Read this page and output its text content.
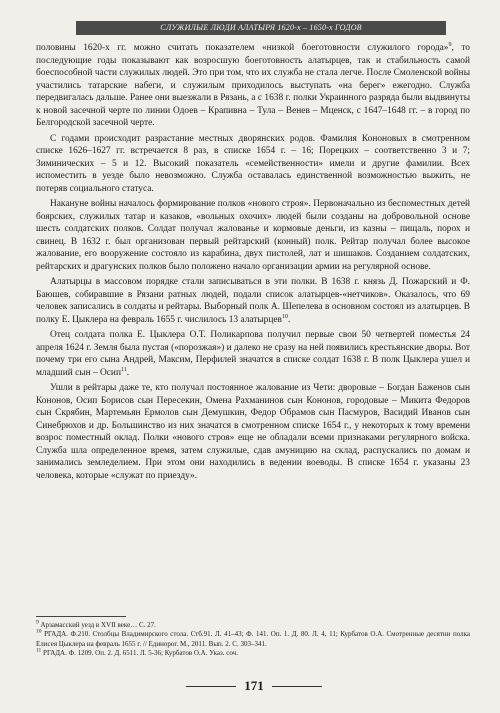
СЛУЖИЛЫЕ ЛЮДИ АЛАТЫРЯ 1620-х – 1650-х ГОДОВ

половины 1620-х гг. можно считать показателем «низкой боеготовности служилого города»$^9$, то последующие годы показывают как возросшую боеготовность алатырцев, так и стабильность самой боеспособной части служилых людей. Это при том, что их служба не стала легче. После Смоленской войны участились татарские набеги, и служилым приходилось выступать «на берег» ежегодно. Служба передвигалась дальше. Ранее они выезжали в Рязань, а с 1638 г. полки Украинного разряда были выдвинуты к новой засечной черте по линии Одоев – Крапивна – Тула – Венев – Мценск, с 1647–1648 гг. – в город по Белгородской засечной черте.

С годами происходит разрастание местных дворянских родов. Фамилия Кононовых в смотренном списке 1626–1627 гг. встречается 8 раз, в списке 1654 г. – 16; Порецких – соответственно 3 и 7; Зиминических – 5 и 12. Высокий показатель «семейственности» имели и другие фамилии. Всех испоместить в уезде было невозможно. Служба оставалась единственной возможностью выжить, не потеряв социального статуса.

Накануне войны началось формирование полков «нового строя». Первоначально из беспоместных детей боярских, служилых татар и казаков, «вольных охочих» людей были созданы на добровольной основе шесть солдатских полков. Солдат получал жалованье и кормовые деньги, из казны – пищаль, порох и свинец. В 1632 г. был организован первый рейтарский (конный) полк. Рейтар получал более высокое жалование, его вооружение состояло из карабина, двух пистолей, лат и шишаков. Созданием солдатских, рейтарских и драгунских полков было положено начало организации армии на регулярной основе.

Алатырцы в массовом порядке стали записываться в эти полки. В 1638 г. князь Д. Пожарский и Ф. Баюшев, собиравшие в Рязани ратных людей, подали список алатырцев-«нетчиков». Оказалось, что 69 человек записались в солдаты и рейтары. Выборный полк А. Шепелева в основном состоял из алатырцев. В полку Е. Цыклера на февраль 1655 г. числилось 13 алатырцев$^{10}$.

Отец солдата полка Е. Цыклера О.Т. Поликарпова получил первые свои 50 четвертей поместья 24 апреля 1624 г. Земля была пустая («порозжая») и далеко не сразу на ней появились крестьянские дворы. Вот почему три его сына Андрей, Максим, Перфилей значатся в списке солдат 1638 г. В полк Цыклера ушел и младший сын – Осип$^{11}$.

Ушли в рейтары даже те, кто получал постоянное жалование из Чети: дворовые – Богдан Баженов сын Кононов, Осип Борисов сын Пересекин, Омена Рахманинов сын Кононов, городовые – Микита Федоров сын Скрябин, Мартемьян Ермолов сын Демушкин, Федор Обрамов сын Пасмуров, Васидий Иванов сын Синебрюхов и др. Большинство из них значатся в смотренном списке 1654 г., у некоторых к тому времени возрос поместный оклад. Полки «нового строя» еще не обладали всеми признаками регулярного войска. Служба шла определенное время, затем служилые, сдав амуницию на склад, распускались по домам и занимались земледелием. При этом они находились в ведении воеводы. В списке 1654 г. указаны 23 человека, которые «служат по приезду».

$^9$ Арзамасский уезд в XVII веке… С. 27.

$^{10}$ РГАДА. Ф.210. Столбцы Владимирского стола. Стб.91. Л. 41–43; Ф. 141. Оп. 1. Д. 80. Л. 4, 11; Курбатов О.А. Смотренные десятни полка Елисея Цыклера на февраль 1655 г. // Единорог. М., 2011. Вып. 2. С. 303–341.

$^{11}$ РГАДА. Ф. 1209. Оп. 2. Д. 6511. Л. 5-36; Курбатов О.А. Указ. соч.

171
